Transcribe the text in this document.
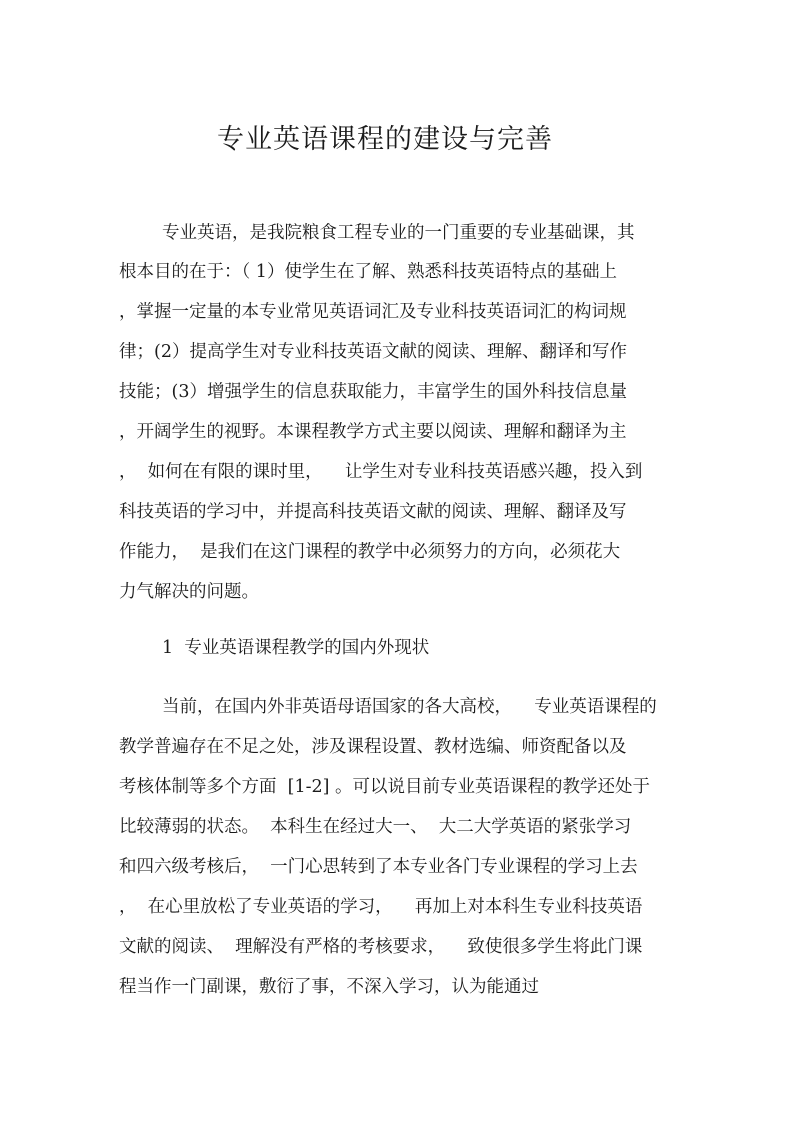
专业英语课程的建设与完善
专业英语，是我院粮食工程专业的一门重要的专业基础课，其
根本目的在于：（ 1）使学生在了解、熟悉科技英语特点的基础上
，掌握一定量的本专业常见英语词汇及专业科技英语词汇的构词规
律；(2）提高学生对专业科技英语文献的阅读、理解、翻译和写作
技能；(3）增强学生的信息获取能力，丰富学生的国外科技信息量
，开阔学生的视野。本课程教学方式主要以阅读、理解和翻译为主
，  如何在有限的课时里，    让学生对专业科技英语感兴趣，投入到
科技英语的学习中，并提高科技英语文献的阅读、理解、翻译及写
作能力，  是我们在这门课程的教学中必须努力的方向，必须花大
力气解决的问题。
1  专业英语课程教学的国内外现状
当前，在国内外非英语母语国家的各大高校，    专业英语课程的
教学普遍存在不足之处，涉及课程设置、教材选编、师资配备以及
考核体制等多个方面  [1-2] 。可以说目前专业英语课程的教学还处于
比较薄弱的状态。  本科生在经过大一、  大二大学英语的紧张学习
和四六级考核后，  一门心思转到了本专业各门专业课程的学习上去
，  在心里放松了专业英语的学习，    再加上对本科生专业科技英语
文献的阅读、  理解没有严格的考核要求，    致使很多学生将此门课
程当作一门副课，敷衍了事，不深入学习，认为能通过
